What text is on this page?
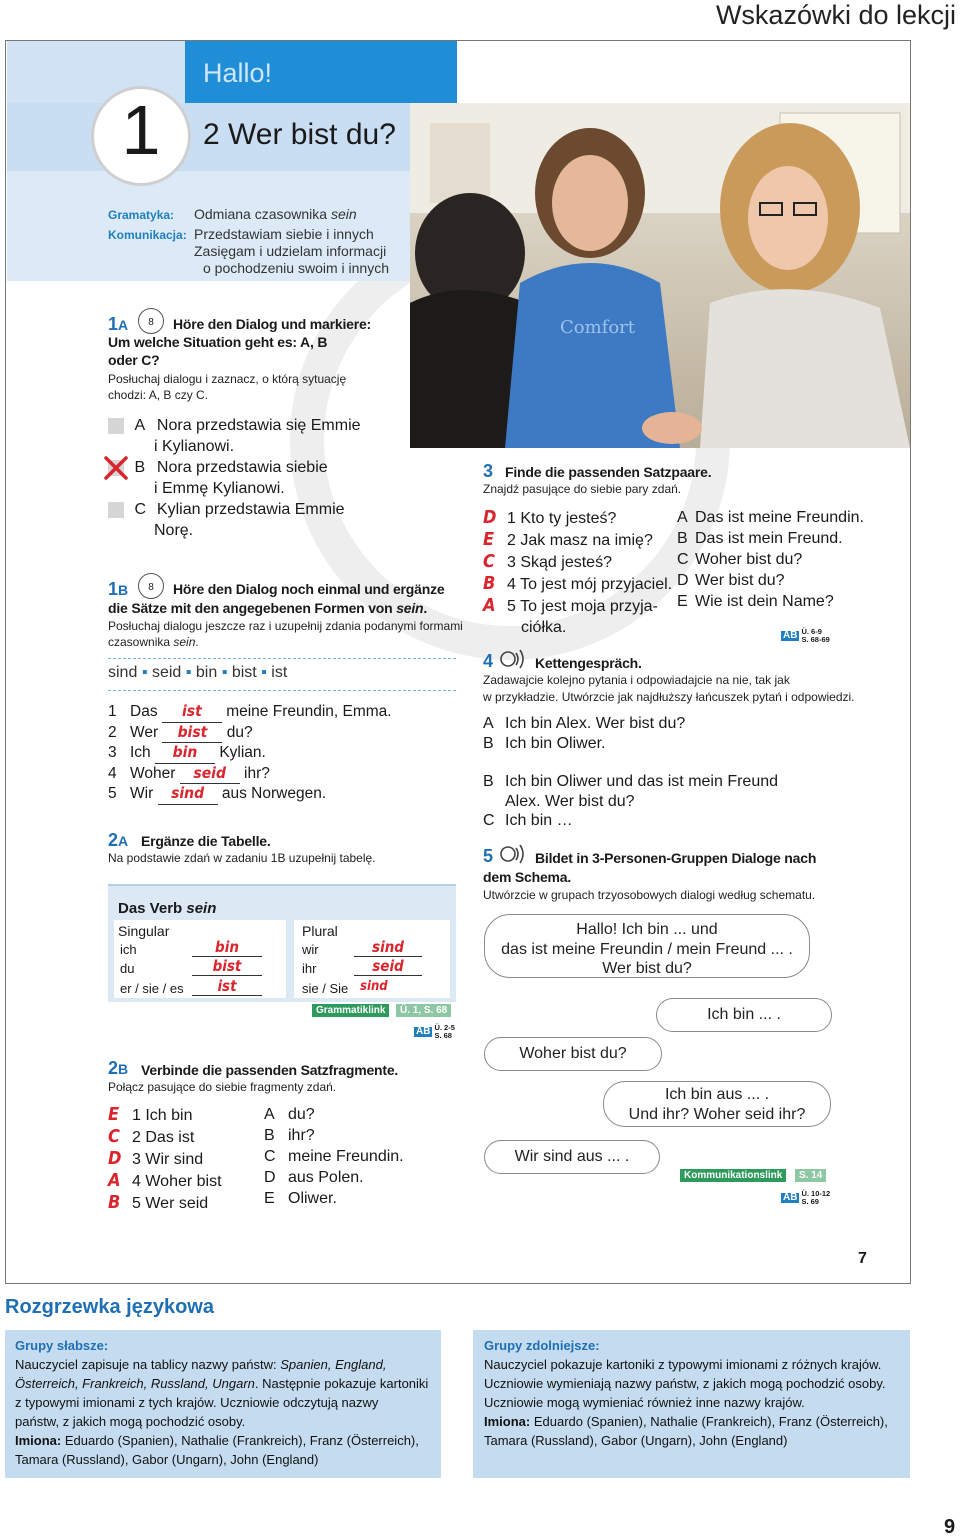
Wskazówki do lekcji
Hallo!
1	2 Wer bist du?
Gramatyka: Odmiana czasownika sein
Komunikacja: Przedstawiam siebie i innych
Zasięgam i udzielam informacji
o pochodzeniu swoim i innych
Comfort
1A	8	Höre den Dialog und markiere:
Um welche Situation geht es: A, B
oder C?
Posłuchaj dialogu i zaznacz, o którą sytuację
chodzi: A, B czy C.
A Nora przedstawia się Emmie
i Kylianowi.
B Nora przedstawia siebie
i Emmę Kylianowi.
C Kylian przedstawia Emmie
Norę.
1B	8	Höre den Dialog noch einmal und ergänze
die Sätze mit den angegebenen Formen von sein.
Posłuchaj dialogu jeszcze raz i uzupełnij zdania podanymi formami
czasownika sein.
sind ▪ seid ▪ bin ▪ bist ▪ ist
1 Das ist meine Freundin, Emma.
2 Wer bist du?
3 Ich bin Kylian.
4 Woher seid ihr?
5 Wir sind aus Norwegen.
2A Ergänze die Tabelle.
Na podstawie zdań w zadaniu 1B uzupełnij tabelę.
Das Verb sein
Singular	Plural
ich	bin	wir	sind
du	bist	ihr	seid
er / sie / es	ist	sie / Sie sind
Grammatiklink	Ü. 1, S. 68
AB Ü. 2-5
S. 68
2B Verbinde die passenden Satzfragmente.
Połącz pasujące do siebie fragmenty zdań.
E 1 Ich bin
C 2 Das ist
D 3 Wir sind
A 4 Woher bist
B 5 Wer seid
A du?
B ihr?
C meine Freundin.
D aus Polen.
E Oliwer.
3 Finde die passenden Satzpaare.
Znajdź pasujące do siebie pary zdań.
D 1 Kto ty jesteś?
E 2 Jak masz na imię?
C 3 Skąd jesteś?
B 4 To jest mój przyjaciel.
A 5 To jest moja przyja-
ciółka.
A Das ist meine Freundin.
B Das ist mein Freund.
C Woher bist du?
D Wer bist du?
E Wie ist dein Name?
AB Ü. 6-9
S. 68-69
4	Kettengespräch.
Zadawajcie kolejno pytania i odpowiadajcie na nie, tak jak
w przykładzie. Utwórzcie jak najdłuższy łańcuszek pytań i odpowiedzi.
A Ich bin Alex. Wer bist du?
B Ich bin Oliwer.
B Ich bin Oliwer und das ist mein Freund
Alex. Wer bist du?
C Ich bin …
5	Bildet in 3-Personen-Gruppen Dialoge nach
dem Schema.
Utwórzcie w grupach trzyosobowych dialogi według schematu.
Hallo! Ich bin ... und
das ist meine Freundin / mein Freund ... .
Wer bist du?
Ich bin ... .
Woher bist du?
Ich bin aus ... .
Und ihr? Woher seid ihr?
Wir sind aus ... .
Kommunikationslink	S. 14
AB Ü. 10-12
S. 69
7
Rozgrzewka językowa
Grupy słabsze:
Nauczyciel zapisuje na tablicy nazwy państw: Spanien, England,
Österreich, Frankreich, Russland, Ungarn. Następnie pokazuje kartoniki
z typowymi imionami z tych krajów. Uczniowie odczytują nazwy
państw, z jakich mogą pochodzić osoby.
Imiona: Eduardo (Spanien), Nathalie (Frankreich), Franz (Österreich),
Tamara (Russland), Gabor (Ungarn), John (England)
Grupy zdolniejsze:
Nauczyciel pokazuje kartoniki z typowymi imionami z różnych krajów.
Uczniowie wymieniają nazwy państw, z jakich mogą pochodzić osoby.
Uczniowie mogą wymieniać również inne nazwy krajów.
Imiona: Eduardo (Spanien), Nathalie (Frankreich), Franz (Österreich),
Tamara (Russland), Gabor (Ungarn), John (England)
9
